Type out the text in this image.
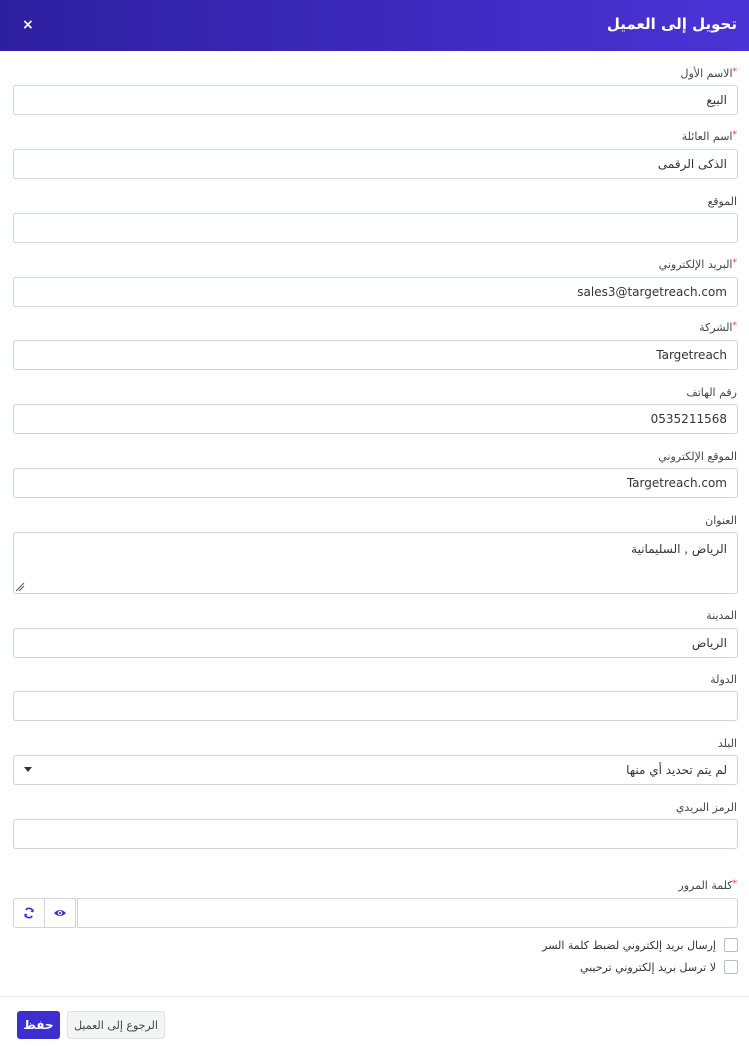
تحويل إلى العميل
×
*الاسم الأول
البيع
*اسم العائلة
الذكى الرقمى
الموقع
*البريد الإلكتروني
sales3@targetreach.com
*الشركة
Targetreach
رقم الهاتف
0535211568
الموقع الإلكتروني
Targetreach.com
العنوان
الرياض , السليمانية
المدينة
الرياض
الدولة
البلد
لم يتم تحديد أي منها
الرمز البريدي
*كلمة المرور
إرسال بريد إلكتروني لضبط كلمة السر
لا ترسل بريد إلكتروني ترحيبي
حفظ	الرجوع إلى العميل
